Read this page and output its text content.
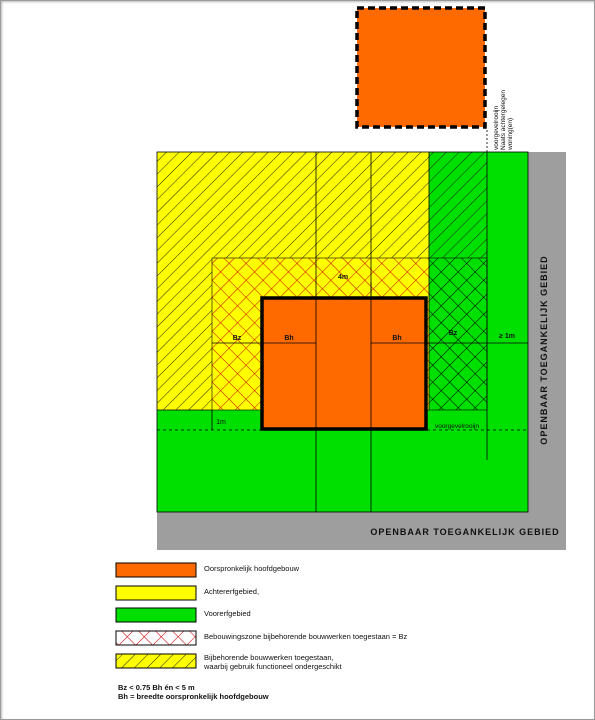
voorgevelrooijn Naats achtergelegen woning(en)
OPENBAAR TOEGANKELIJK GEBIED
OPENBAAR TOEGANKELIJK GEBIED
4m
Bz	Bh	Bh
Bz	≥ 1m
1m
voorgevelrooijn
Oorspronkelijk hoofdgebouw
Achtererfgebied,
Voorerfgebied
Bebouwingszone bijbehorende bouwwerken toegestaan = Bz
Bijbehorende bouwwerken toegestaan,
waarbij gebruik functioneel ondergeschikt
Bz < 0.75 Bh én < 5 m
Bh = breedte oorspronkelijk hoofdgebouw
